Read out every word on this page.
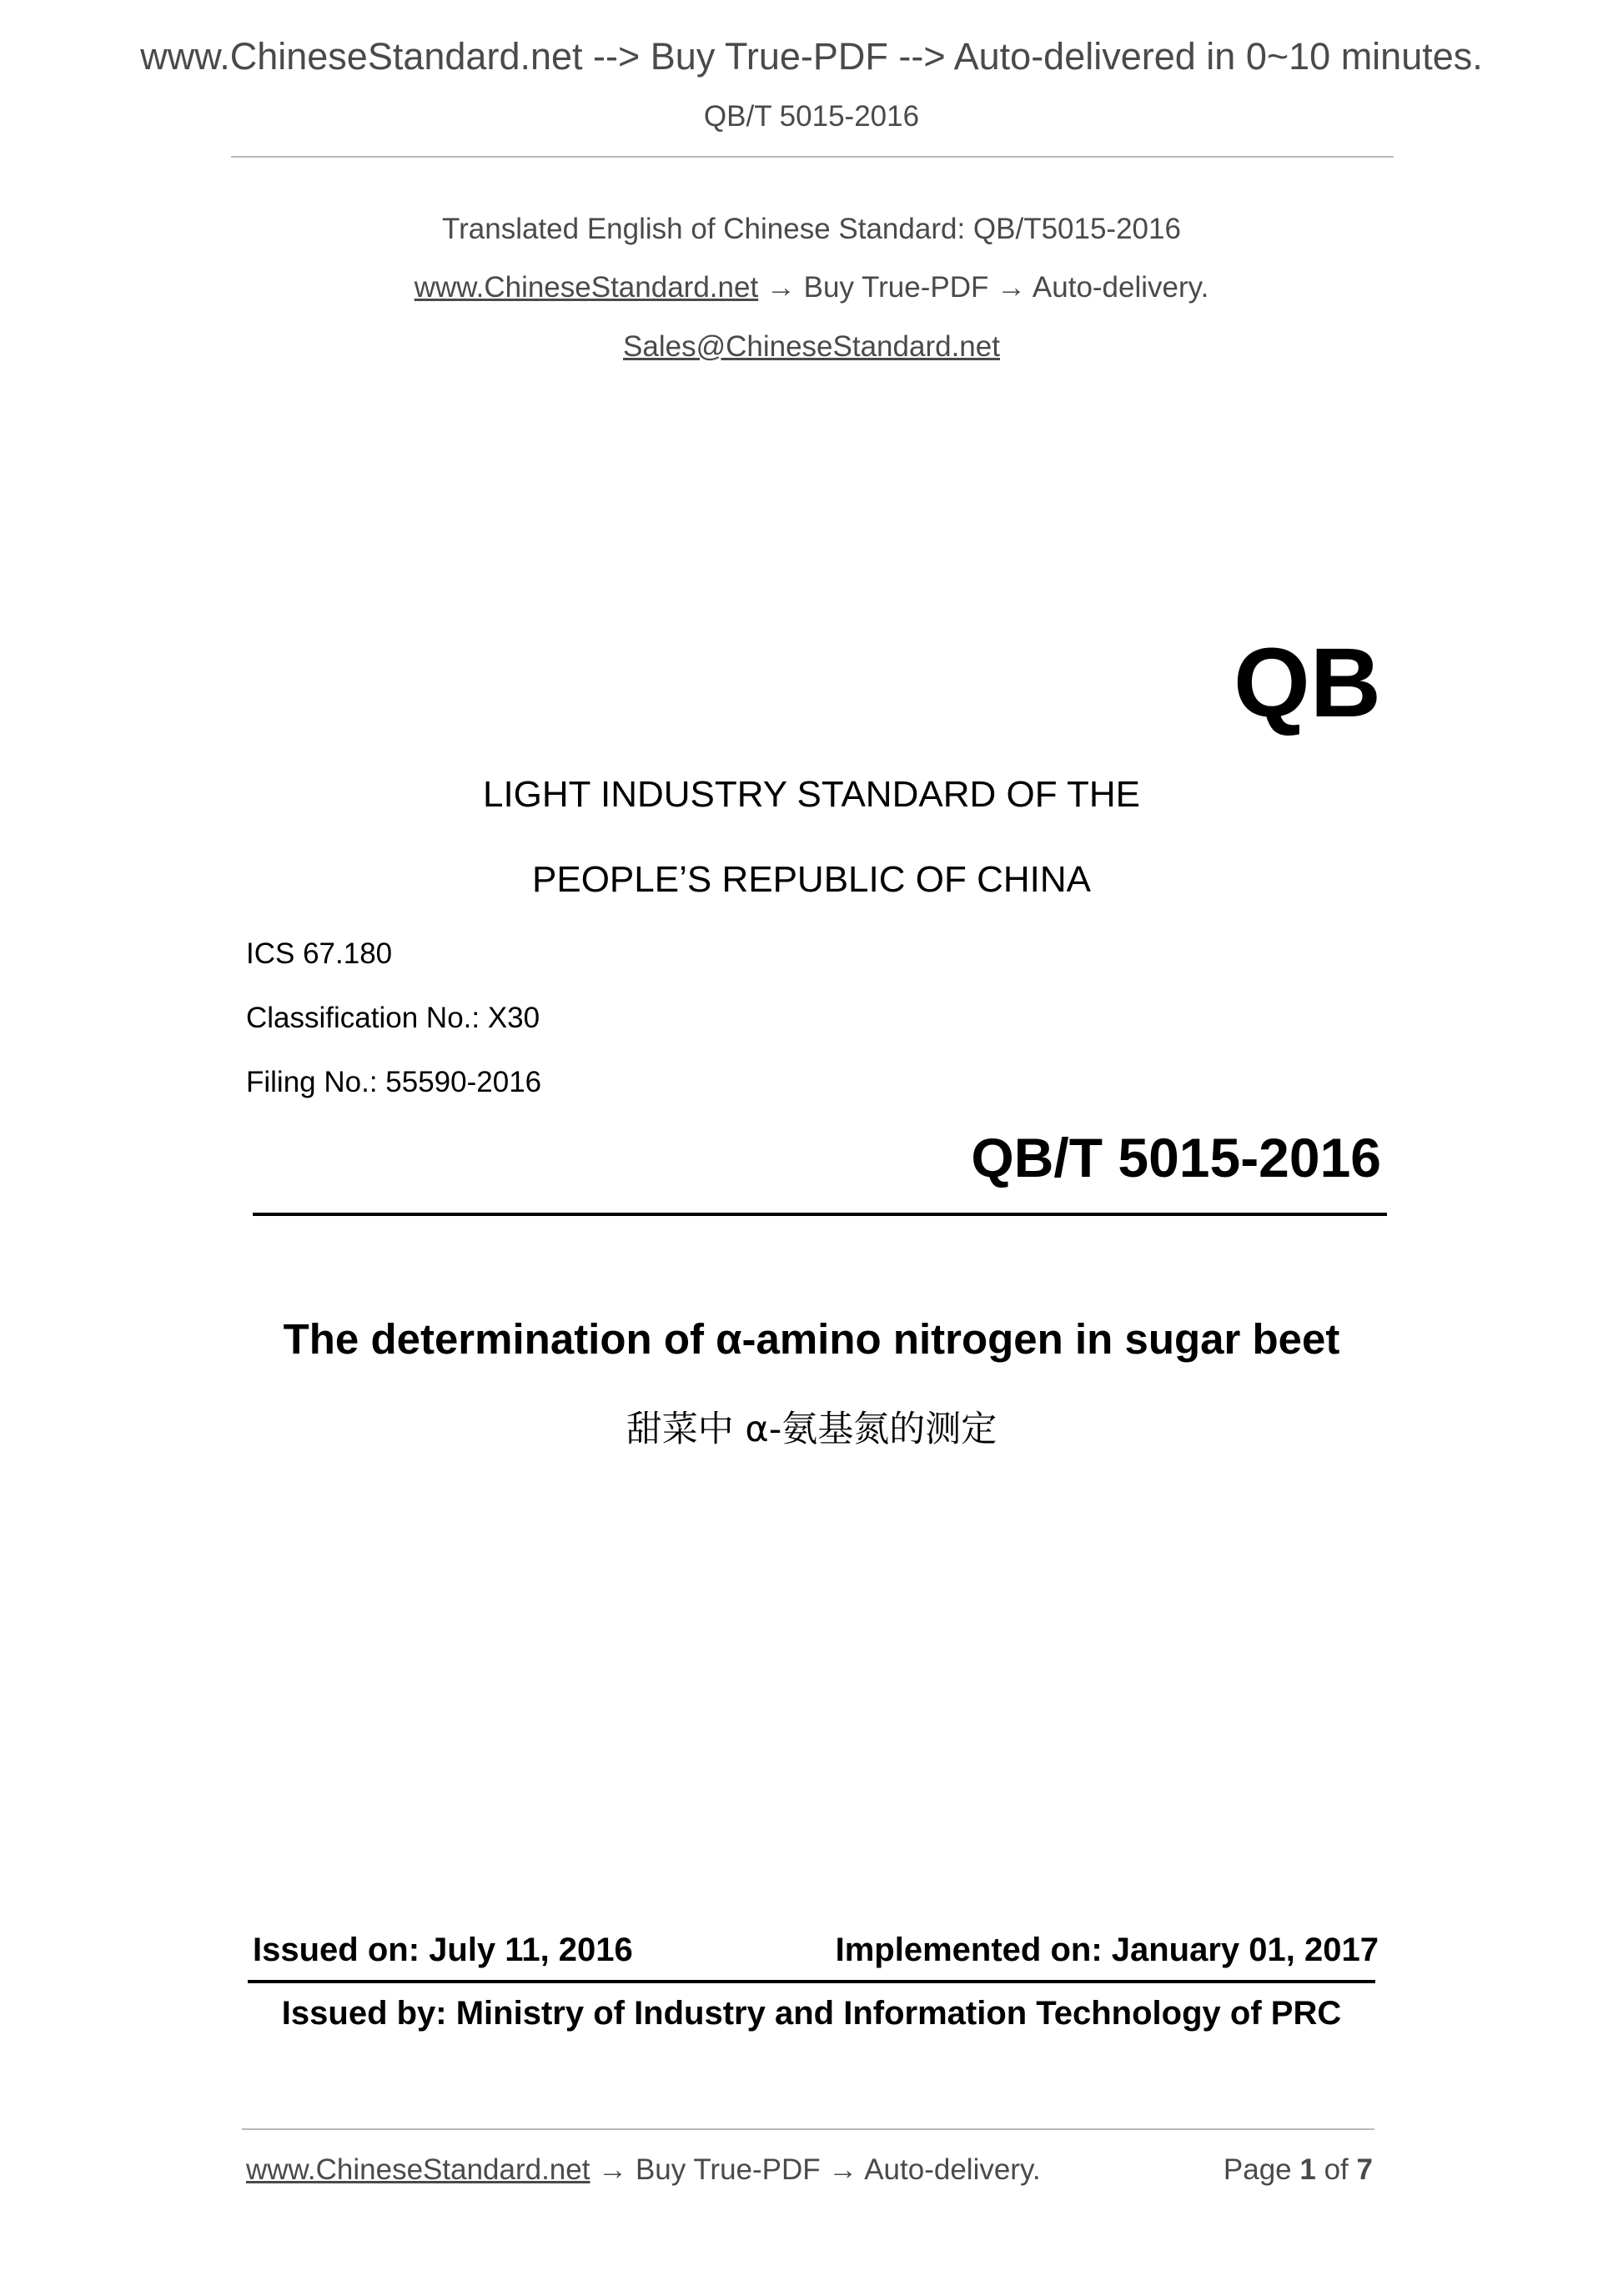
www.ChineseStandard.net --> Buy True-PDF --> Auto-delivered in 0~10 minutes.
QB/T 5015-2016
Translated English of Chinese Standard: QB/T5015-2016
www.ChineseStandard.net → Buy True-PDF → Auto-delivery.
Sales@ChineseStandard.net
QB
LIGHT INDUSTRY STANDARD OF THE
PEOPLE’S REPUBLIC OF CHINA
ICS 67.180
Classification No.: X30
Filing No.: 55590-2016
QB/T 5015-2016
The determination of α-amino nitrogen in sugar beet
甜菜中 α-氨基氮的测定
Issued on: July 11, 2016	Implemented on: January 01, 2017
Issued by: Ministry of Industry and Information Technology of PRC
www.ChineseStandard.net → Buy True-PDF → Auto-delivery.	Page 1 of 7
